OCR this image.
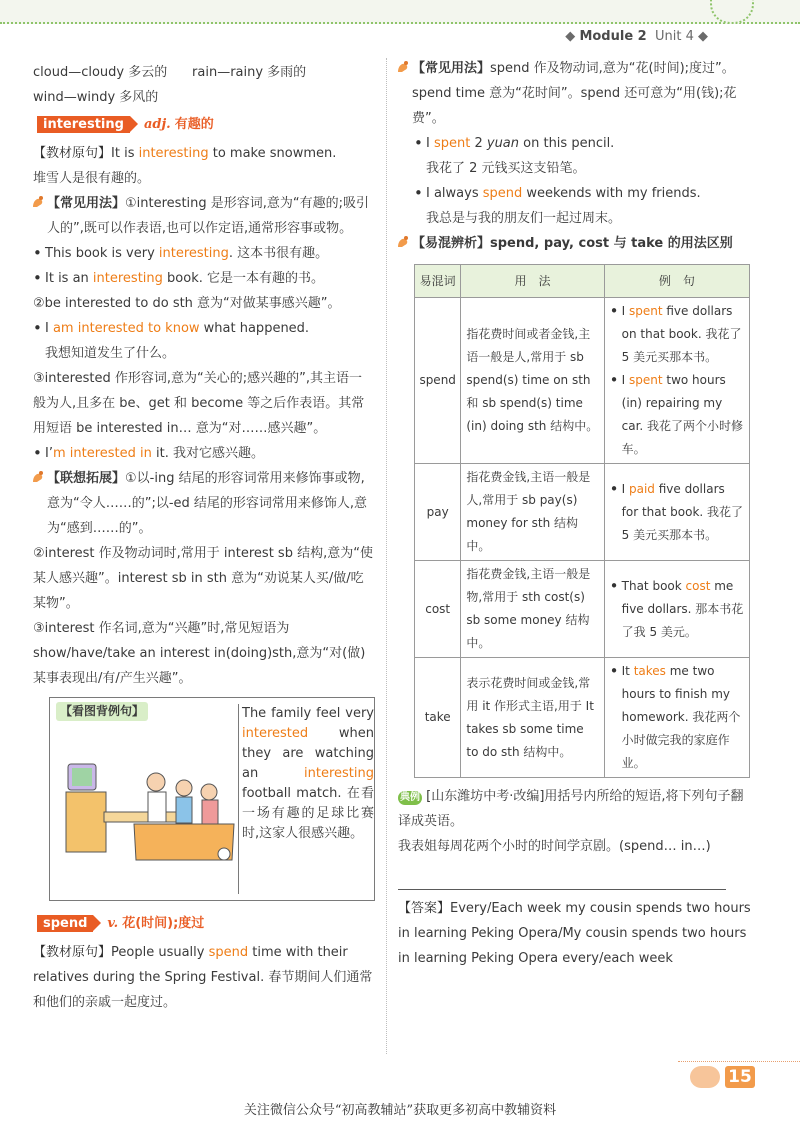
◆ Module 2 Unit 4 ◆

cloud—cloudy 多云的      rain—rainy 多雨的

wind—windy 多风的

interesting adj. 有趣的

【教材原句】It is interesting to make snowmen.

堆雪人是很有趣的。

【常见用法】①interesting 是形容词,意为“有趣的;吸引人的”,既可以作表语,也可以作定语,通常形容事或物。

• This book is very interesting. 这本书很有趣。

• It is an interesting book. 它是一本有趣的书。

②be interested to do sth 意为“对做某事感兴趣”。

• I am interested to know what happened.

我想知道发生了什么。

③interested 作形容词,意为“关心的;感兴趣的”,其主语一般为人,且多在 be、get 和 become 等之后作表语。其常用短语 be interested in… 意为“对……感兴趣”。

• I’m interested in it. 我对它感兴趣。

【联想拓展】①以-ing 结尾的形容词常用来修饰事或物,意为“令人……的”;以-ed 结尾的形容词常用来修饰人,意为“感到……的”。

②interest 作及物动词时,常用于 interest sb 结构,意为“使某人感兴趣”。interest sb in sth 意为“劝说某人买/做/吃某物”。

③interest 作名词,意为“兴趣”时,常见短语为 show/have/take an interest in(doing)sth,意为“对(做)某事表现出/有/产生兴趣”。

【看图背例句】	The family feel very interested when they are watching an interesting football match. 在看一场有趣的足球比赛时,这家人很感兴趣。
spend v. 花(时间);度过

【教材原句】People usually spend time with their relatives during the Spring Festival. 春节期间人们通常和他们的亲戚一起度过。

【常见用法】spend 作及物动词,意为“花(时间);度过”。spend time 意为“花时间”。spend 还可意为“用(钱);花费”。

• I spent 2 yuan on this pencil.

我花了 2 元钱买这支铅笔。

• I always spend weekends with my friends.

我总是与我的朋友们一起过周末。

【易混辨析】spend, pay, cost 与 take 的用法区别

易混词	用　法	例　句
spend	指花费时间或者金钱,主语一般是人,常用于 sb spend(s) time on sth 和 sb spend(s) time (in) doing sth 结构中。	• I spent five dollars on that book. 我花了 5 美元买那本书。
• I spent two hours (in) repairing my car. 我花了两个小时修车。

pay	指花费金钱,主语一般是人,常用于 sb pay(s) money for sth 结构中。	• I paid five dollars for that book. 我花了 5 美元买那本书。

cost	指花费金钱,主语一般是物,常用于 sth cost(s) sb some money 结构中。	• That book cost me five dollars. 那本书花了我 5 美元。

take	表示花费时间或金钱,常用 it 作形式主语,用于 It takes sb some time to do sth 结构中。	• It takes me two hours to finish my homework. 我花两个小时做完我的家庭作业。

典例 [山东潍坊中考·改编]用括号内所给的短语,将下列句子翻译成英语。

我表姐每周花两个小时的时间学京剧。(spend… in…)

【答案】Every/Each week my cousin spends two hours in learning Peking Opera/My cousin spends two hours in learning Peking Opera every/each week

15
关注微信公众号“初高教辅站”获取更多初高中教辅资料
